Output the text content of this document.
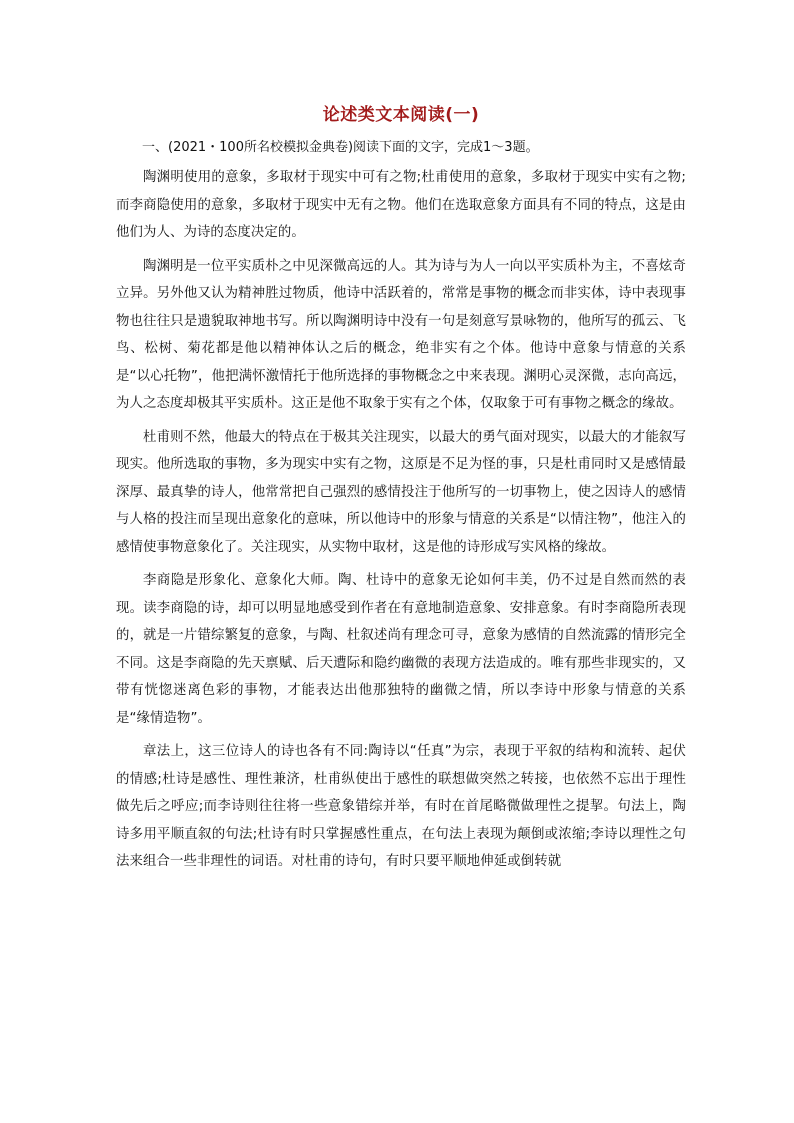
论述类文本阅读(一)

一、(2021・100所名校模拟金典卷)阅读下面的文字，完成1～3题。

陶渊明使用的意象，多取材于现实中可有之物;杜甫使用的意象，多取材于现实中实有之物;而李商隐使用的意象，多取材于现实中无有之物。他们在选取意象方面具有不同的特点，这是由他们为人、为诗的态度决定的。

陶渊明是一位平实质朴之中见深微高远的人。其为诗与为人一向以平实质朴为主，不喜炫奇立异。另外他又认为精神胜过物质，他诗中活跃着的，常常是事物的概念而非实体，诗中表现事物也往往只是遗貌取神地书写。所以陶渊明诗中没有一句是刻意写景咏物的，他所写的孤云、飞鸟、松树、菊花都是他以精神体认之后的概念，绝非实有之个体。他诗中意象与情意的关系是“以心托物”，他把满怀激情托于他所选择的事物概念之中来表现。渊明心灵深微，志向高远，为人之态度却极其平实质朴。这正是他不取象于实有之个体，仅取象于可有事物之概念的缘故。

杜甫则不然，他最大的特点在于极其关注现实，以最大的勇气面对现实，以最大的才能叙写现实。他所选取的事物，多为现实中实有之物，这原是不足为怪的事，只是杜甫同时又是感情最深厚、最真挚的诗人，他常常把自己强烈的感情投注于他所写的一切事物上，使之因诗人的感情与人格的投注而呈现出意象化的意味，所以他诗中的形象与情意的关系是“以情注物”，他注入的感情使事物意象化了。关注现实，从实物中取材，这是他的诗形成写实风格的缘故。

李商隐是形象化、意象化大师。陶、杜诗中的意象无论如何丰美，仍不过是自然而然的表现。读李商隐的诗，却可以明显地感受到作者在有意地制造意象、安排意象。有时李商隐所表现的，就是一片错综繁复的意象，与陶、杜叙述尚有理念可寻，意象为感情的自然流露的情形完全不同。这是李商隐的先天禀赋、后天遭际和隐约幽微的表现方法造成的。唯有那些非现实的，又带有恍惚迷离色彩的事物，才能表达出他那独特的幽微之情，所以李诗中形象与情意的关系是“缘情造物”。

章法上，这三位诗人的诗也各有不同:陶诗以“任真”为宗，表现于平叙的结构和流转、起伏的情感;杜诗是感性、理性兼济，杜甫纵使出于感性的联想做突然之转接，也依然不忘出于理性做先后之呼应;而李诗则往往将一些意象错综并举，有时在首尾略微做理性之提挈。句法上，陶诗多用平顺直叙的句法;杜诗有时只掌握感性重点，在句法上表现为颠倒或浓缩;李诗以理性之句法来组合一些非理性的词语。对杜甫的诗句，有时只要平顺地伸延或倒转就
